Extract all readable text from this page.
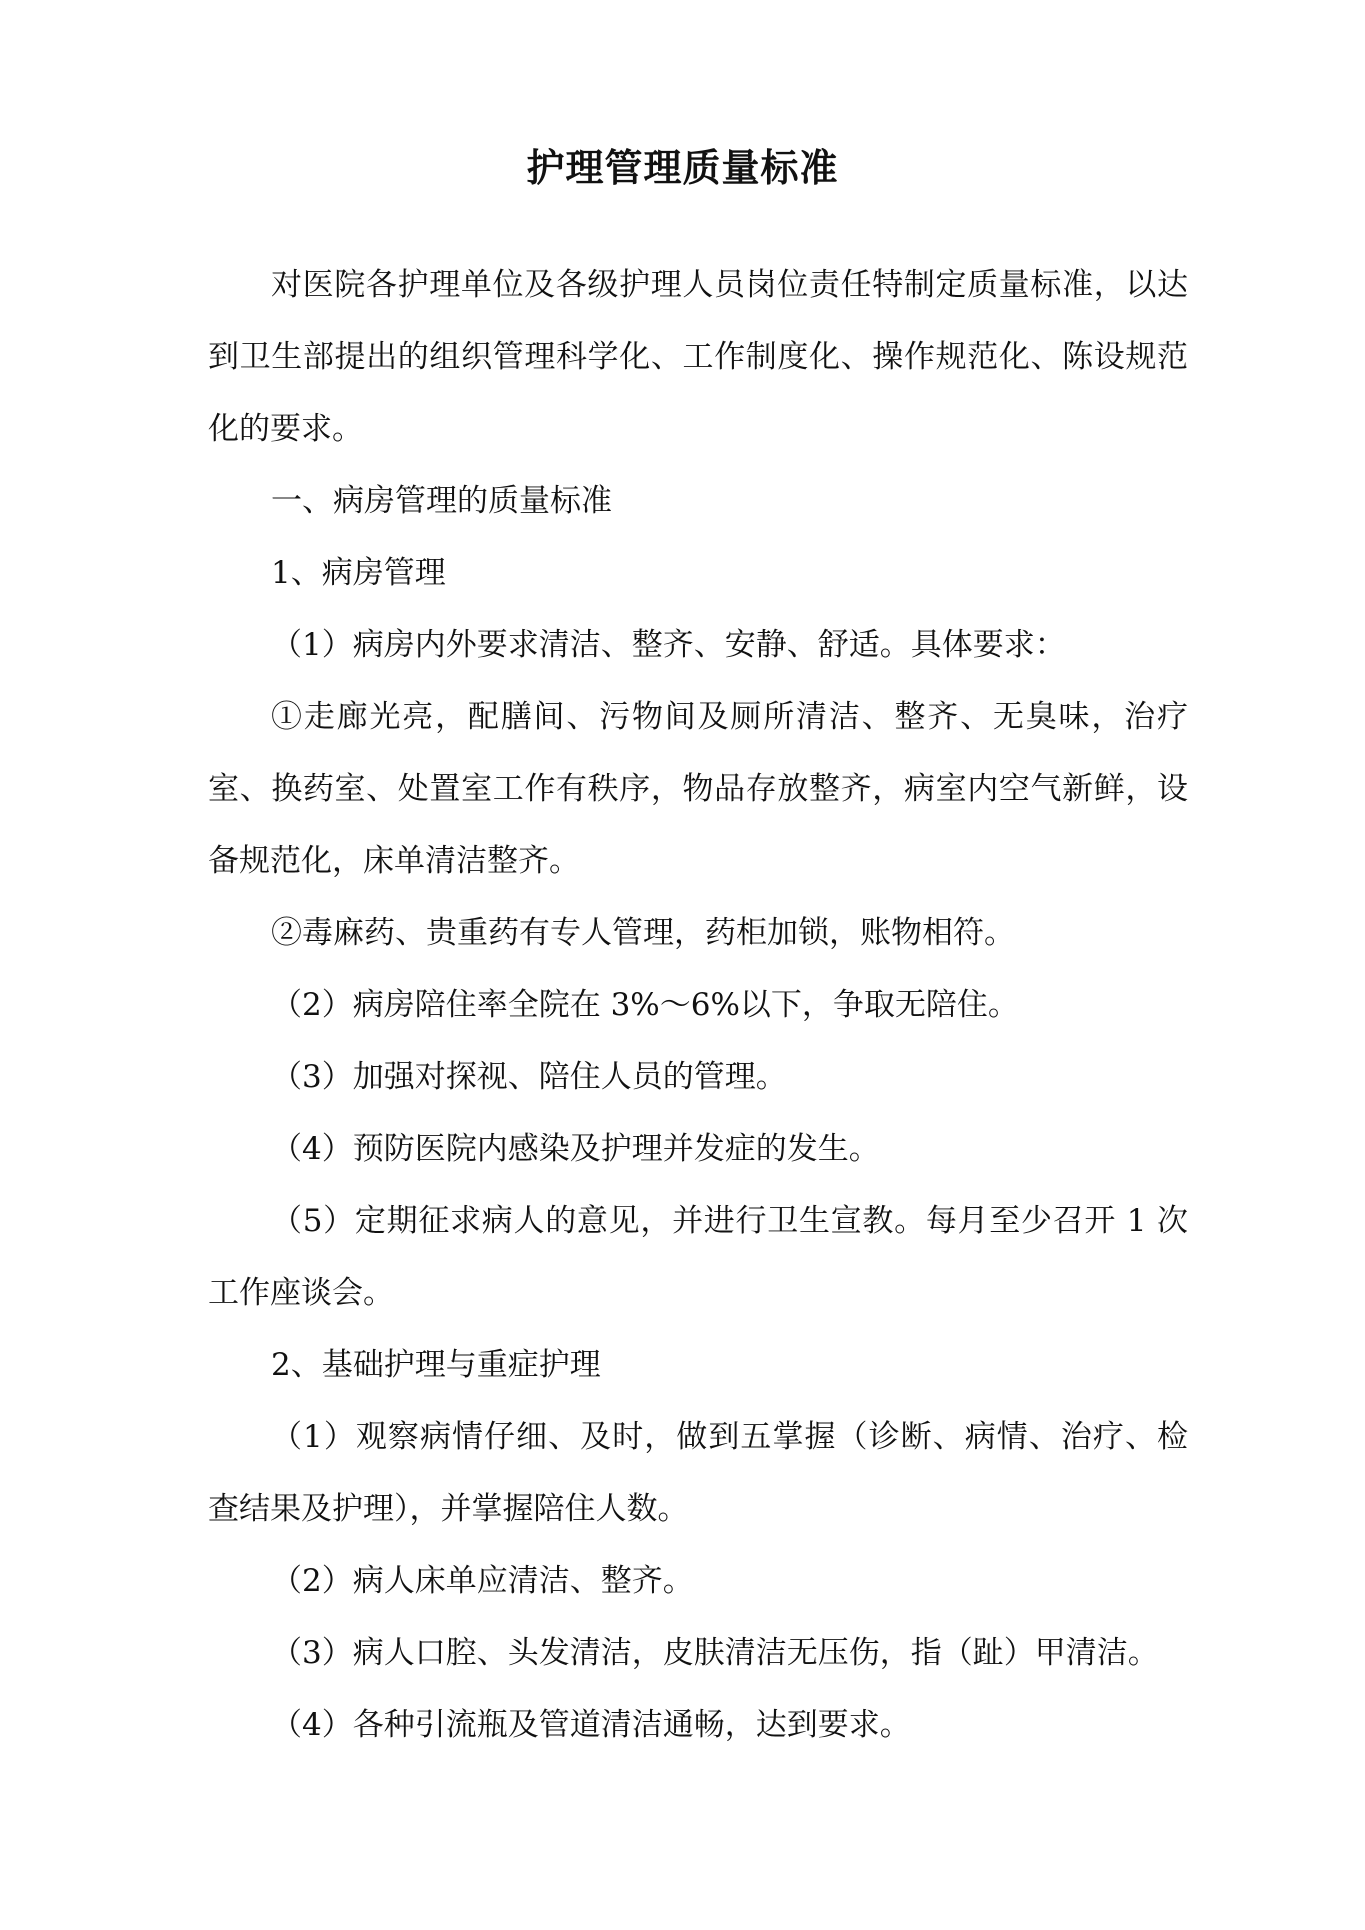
护理管理质量标准

对医院各护理单位及各级护理人员岗位责任特制定质量标准，以达到卫生部提出的组织管理科学化、工作制度化、操作规范化、陈设规范化的要求。

一、病房管理的质量标准

1、病房管理

（1）病房内外要求清洁、整齐、安静、舒适。具体要求：

①走廊光亮，配膳间、污物间及厕所清洁、整齐、无臭味，治疗室、换药室、处置室工作有秩序，物品存放整齐，病室内空气新鲜，设备规范化，床单清洁整齐。

②毒麻药、贵重药有专人管理，药柜加锁，账物相符。

（2）病房陪住率全院在 3%～6%以下，争取无陪住。

（3）加强对探视、陪住人员的管理。

（4）预防医院内感染及护理并发症的发生。

（5）定期征求病人的意见，并进行卫生宣教。每月至少召开 1 次工作座谈会。

2、基础护理与重症护理

（1）观察病情仔细、及时，做到五掌握（诊断、病情、治疗、检查结果及护理），并掌握陪住人数。

（2）病人床单应清洁、整齐。

（3）病人口腔、头发清洁，皮肤清洁无压伤，指（趾）甲清洁。

（4）各种引流瓶及管道清洁通畅，达到要求。
